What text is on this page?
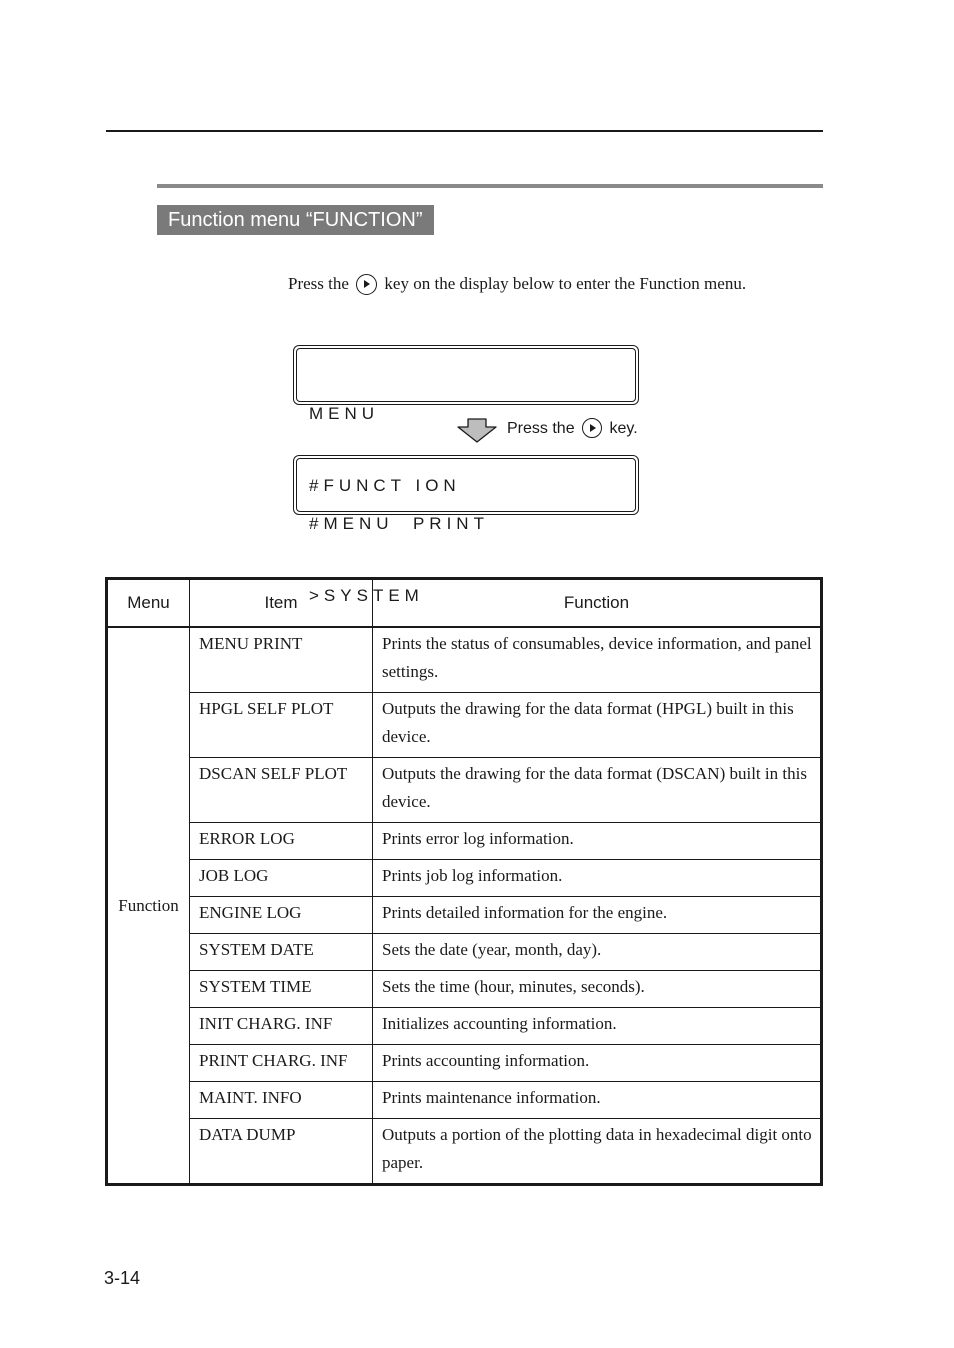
Function menu “FUNCTION”
Press the key on the display below to enter the Function menu.

MENU

#FUNCT ION

Press the key.

#MENU  PRINT

>SYSTEM

Menu	Item	Function
Function	MENU PRINT	Prints the status of consumables, device information, and panel settings.
	HPGL SELF PLOT	Outputs the drawing for the data format (HPGL) built in this device.
	DSCAN SELF PLOT	Outputs the drawing for the data format (DSCAN) built in this device.
	ERROR LOG	Prints error log information.
	JOB LOG	Prints job log information.
	ENGINE LOG	Prints detailed information for the engine.
	SYSTEM DATE	Sets the date (year, month, day).
	SYSTEM TIME	Sets the time (hour, minutes, seconds).
	INIT CHARG. INF	Initializes accounting information.
	PRINT CHARG. INF	Prints accounting information.
	MAINT. INFO	Prints maintenance information.
	DATA DUMP	Outputs a portion of the plotting data in hexadecimal digit onto paper.
3-14
